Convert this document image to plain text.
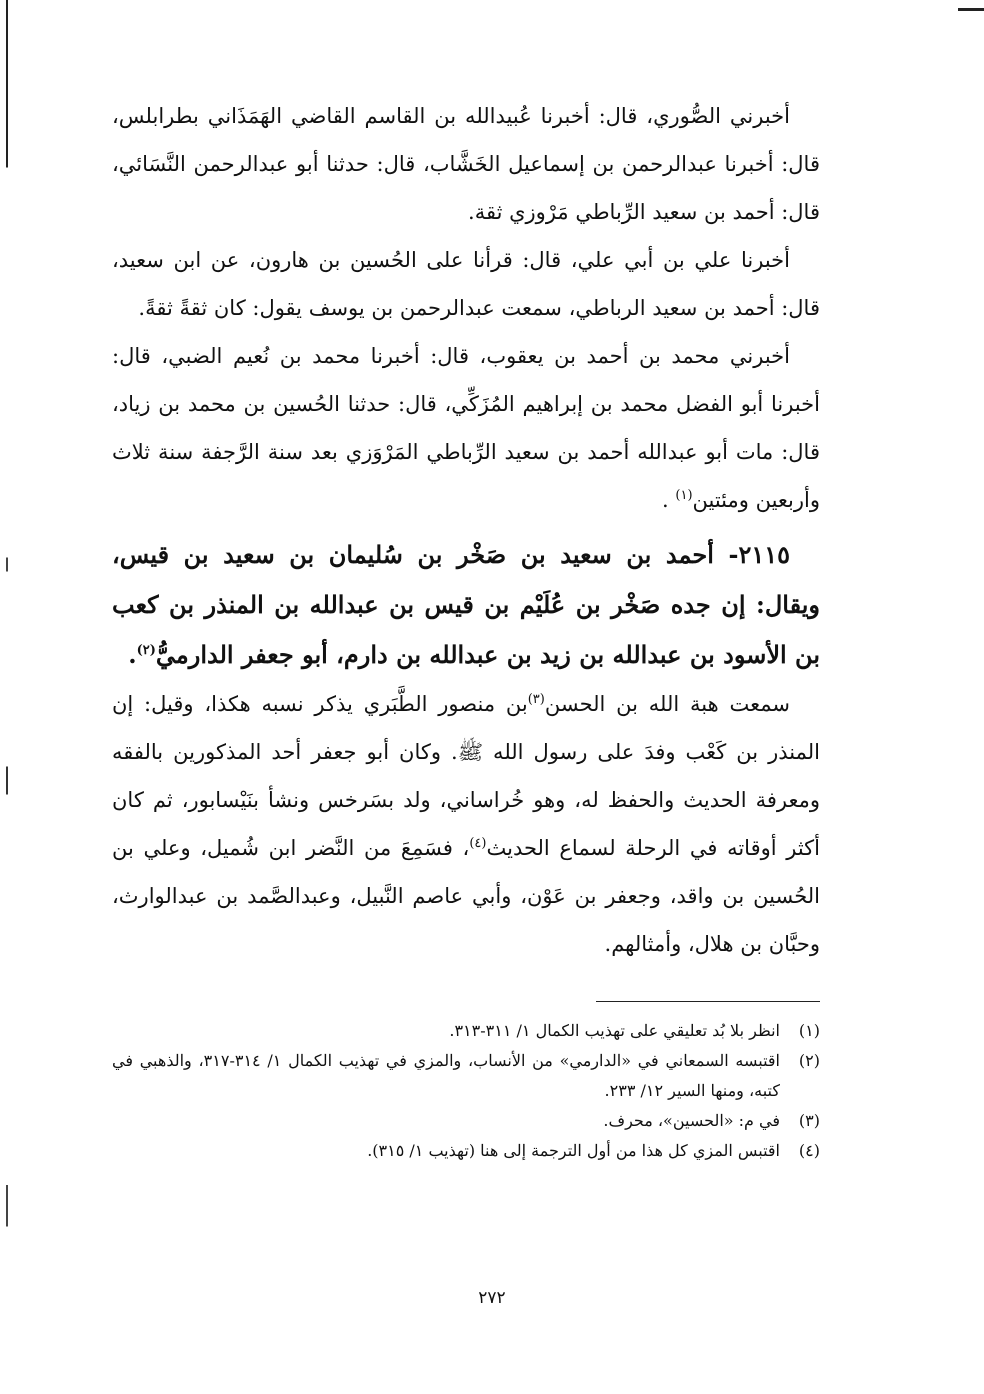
أخبرني الصُّوري، قال: أخبرنا عُبيدالله بن القاسم القاضي الهَمَذَاني بطرابلس، قال: أخبرنا عبدالرحمن بن إسماعيل الخَشَّاب، قال: حدثنا أبو عبدالرحمن النَّسَائي، قال: أحمد بن سعيد الرِّباطي مَرْوزي ثقة.

أخبرنا علي بن أبي علي، قال: قرأنا على الحُسين بن هارون، عن ابن سعيد، قال: أحمد بن سعيد الرباطي، سمعت عبدالرحمن بن يوسف يقول: كان ثقةً ثقةً.

أخبرني محمد بن أحمد بن يعقوب، قال: أخبرنا محمد بن نُعيم الضبي، قال: أخبرنا أبو الفضل محمد بن إبراهيم المُزَكِّي، قال: حدثنا الحُسين بن محمد بن زياد، قال: مات أبو عبدالله أحمد بن سعيد الرِّباطي المَرْوَزي بعد سنة الرَّجفة سنة ثلاث وأربعين ومئتين$^{(١)}$ .

٢١١٥- أحمد بن سعيد بن صَخْر بن سُليمان بن سعيد بن قيس، ويقال: إن جده صَخْر بن عُلَيْم بن قيس بن عبدالله بن المنذر بن كعب بن الأسود بن عبدالله بن زيد بن عبدالله بن دارم، أبو جعفر الدارميُّ$^{(٢)}$.

سمعت هبة الله بن الحسن$^{(٣)}$بن منصور الطَّبَري يذكر نسبه هكذا، وقيل: إن المنذر بن كَعْب وفدَ على رسول الله ﷺ. وكان أبو جعفر أحد المذكورين بالفقه ومعرفة الحديث والحفظ له، وهو خُراساني، ولد بسَرخس ونشأ بنَيْسابور، ثم كان أكثر أوقاته في الرحلة لسماع الحديث$^{(٤)}$، فسَمِعَ من النَّضر ابن شُميل، وعلي بن الحُسين بن واقد، وجعفر بن عَوْن، وأبي عاصم النَّبيل، وعبدالصَّمد بن عبدالوارث، وحبَّان بن هلال، وأمثالهم.

(١)
انظر بلا بُد تعليقي على تهذيب الكمال ١/ ٣١١-٣١٣.
(٢)
اقتبسه السمعاني في «الدارمي» من الأنساب، والمزي في تهذيب الكمال ١/ ٣١٤-٣١٧، والذهبي في كتبه، ومنها السير ١٢/ ٢٣٣.
(٣)
في م: «الحسين»، محرف.
(٤)
اقتبس المزي كل هذا من أول الترجمة إلى هنا (تهذيب ١/ ٣١٥).
٢٧٢
